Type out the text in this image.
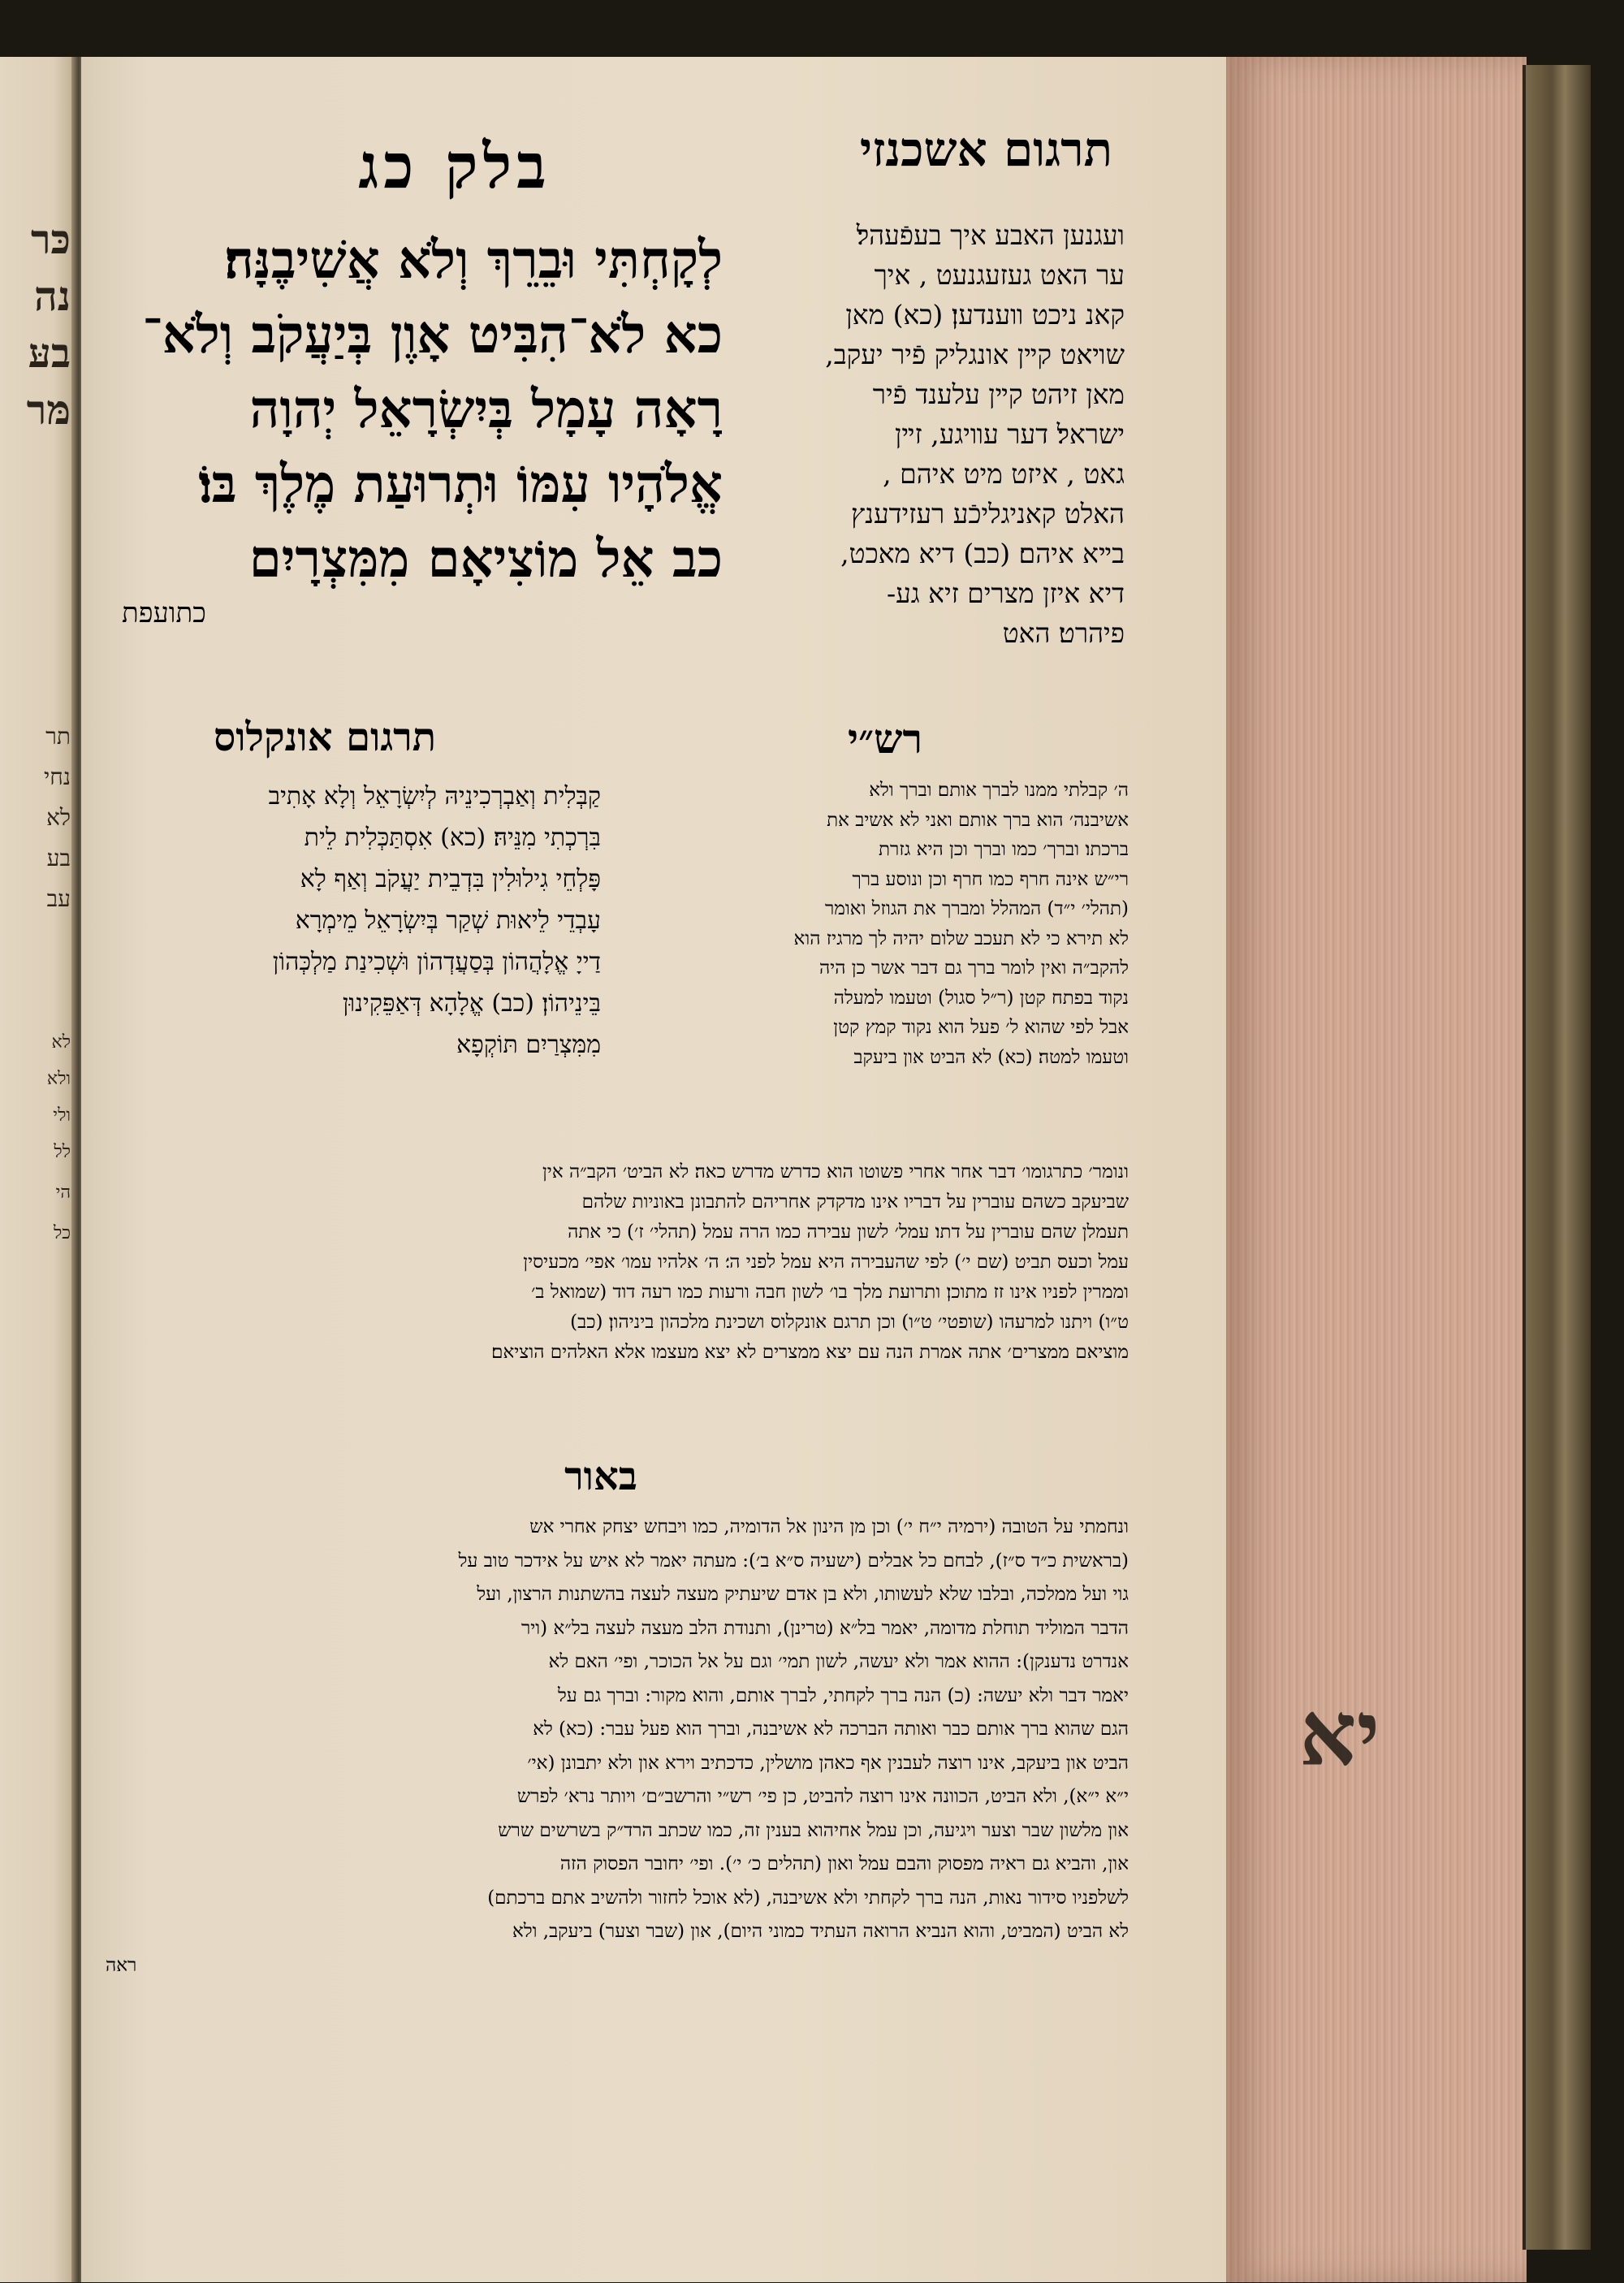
כּר
נה
בעּ
מּר
תר
נחי
לא
בע
עב
לא
ולא
ולי
לל
הי
כל
יא
בלק כג	תרגום אשכנזי
לְקָחְתִּי וּבֵרֵךְ וְלֹא אֲשִׁיבֶנָּה׃
כא לֹא־הִבִּיט אָוֶן בְּיַעֲקֹב וְלֹא־
רָאָה עָמָל בְּיִשְׂרָאֵל יְהוָה
אֱלֹהָיו עִמּוֹ וּתְרוּעַת מֶלֶךְ בּוֹ׃
כב אֵל מוֹצִיאָם מִמִּצְרָיִם
כתועפת
ועגנען האבע איך בעפֿעהל׃
ער האט געזעגנעט , איך
קאנ ניכט װענדען׃ (כא) מאן
שױאט קײן אונגליק פֿיר יעקב,
מאן זיהט קײן עלענד פֿיר
ישראל׃ דער עװיגע, זײן
גאט , איזט מיט איהם ,
האלט קאניגליכֿע רעזידענץ
בײא איהם׃ (כב) דיא מאכט,
דיא איזן מצרים זיא גע-
פיהרט׃ האט
רש״י
תרגום אונקלוס
קַבְּלִית וְאַבְרְכִינֵיהּ לְיִשְׂרָאֵל וְלָא אָתִיב
בִּרְכְתִי מִנֵּיהּ׃ (כא) אִסְתַּכְּלִית לֵית
פָּלְחֵי גִילוּלִין בִּדְבֵית יַעֲקֹב וְאַף לָא
עָבְדֵי לֵיאוּת שְׁקַר בְּיִשְׂרָאֵל מֵימְרָא
דַייָ אֱלָהֲהוֹן בְּסַעֲדְהוֹן וּשְׁכִינַת מַלְכְּהוֹן
בֵּינֵיהוֹן׃ (כב) אֱלָהָא דְּאַפֵּקִינוּן
מִמִּצְרַיִם תּוֹקְפָא
ה׳ קבלתי ממנו לברך אותם׃ וברך ולא
אשיבנה׳ הוא ברך אותם ואני לא אשיב את
ברכתו׃ וברך׳ כמו וברך וכן היא גזרת
רי״ש אינה חרף כמו חרף וכן ונוסע ברך
(תהלי׳ י״ד) המהלל ומברך את הגוזל ואומר
לא תירא כי לא תעכב שלום יהיה לך מרגיז הוא
להקב״ה ואין לומר ברך גם דבר אשר כן היה
נקוד בפתח קטן (ר״ל סגול) וטעמו למעלה
אבל לפי שהוא ל׳ פעל הוא נקוד קמץ קטן
וטעמו למטה׃ (כא) לא הביט און ביעקב
ונומר׳ כתרגומו׳ דבר אחר אחרי פשוטו הוא כדרש מדרש כאה׃ לא הביט׳ הקב״ה אין
שביעקב כשהם עוברין על דבריו אינו מדקדק אחריהם להתבונן באוניות שלהם
תעמלן שהם עוברין על דתו׃ עמל׳ לשון עבירה כמו הרה עמל (תהלי׳ ז׳) כי אתה
עמל וכעס תביט (שם י׳) לפי שהעבירה היא עמל לפני ה׳׃ ה׳ אלהיו עמו׳ אפי׳ מכעיסין
וממרין לפניו אינו זז מתוכן׃ ותרועת מלך בו׳ לשון חבה ורעות כמו רעה דוד (שמואל ב׳
ט״ו) ויתנו למרעהו (שופטי׳ ט״ו) וכן תרגם אונקלוס ושכינת מלכהון ביניהון׃ (כב)
מוציאם ממצרים׳ אתה אמרת הנה עם יצא ממצרים לא יצא מעצמו אלא האלהים הוציאם׃
באור
ונחמתי על הטובה (ירמיה י״ח י׳) וכן מן הינון אל הדומיה, כמו ויבחש יצחק אחרי אש
(בראשית כ״ד ס״ז), לבחם כל אבלים (ישעיה ס״א ב׳): מעתה יאמר לא איש על אידכר טוב על
גוי ועל ממלכה, ובלבו שלא לעשותו, ולא בן אדם שיעתיק מעצה לעצה בהשתנות הרצון, ועל
הדבר המוליד תוחלת מדומה, יאמר בל״א (טרינן), ותנודת הלב מעצה לעצה בל״א (ויר
אנדרט נדענקן): ההוא אמר ולא יעשה, לשון תמי׳ וגם על אל הכוכר, ופי׳ האם לא
יאמר דבר ולא יעשה: (כ) הנה ברך לקחתי, לברך אותם, והוא מקור: וברך גם על
הגם שהוא ברך אותם כבר ואותה הברכה לא אשיבנה, וברך הוא פעל עבר: (כא) לא
הביט און ביעקב, אינו רוצה לעבנין אף כאהן מושלין, כדכתיב וירא און ולא יתבונן (אי׳
י״א י״א), ולא הביט, הכוונה אינו רוצה להביט, כן פי׳ רש״י והרשב״ם׳ ויותר נרא׳ לפרש
און מלשון שבר וצער ויגיעה, וכן עמל אחיהוא בענין זה, כמו שכתב הרד״ק בשרשים שרש
און, והביא גם ראיה מפסוק והבם עמל ואון (תהלים כ׳ י׳). ופי׳ יחובר הפסוק הזה
לשלפניו סידור נאות, הנה ברך לקחתי ולא אשיבנה, (לא אוכל לחזור ולהשיב אתם ברכתם)
לא הביט (המביט, והוא הנביא הרואה העתיד כמוני היום), און (שבר וצער) ביעקב, ולא
ראה
